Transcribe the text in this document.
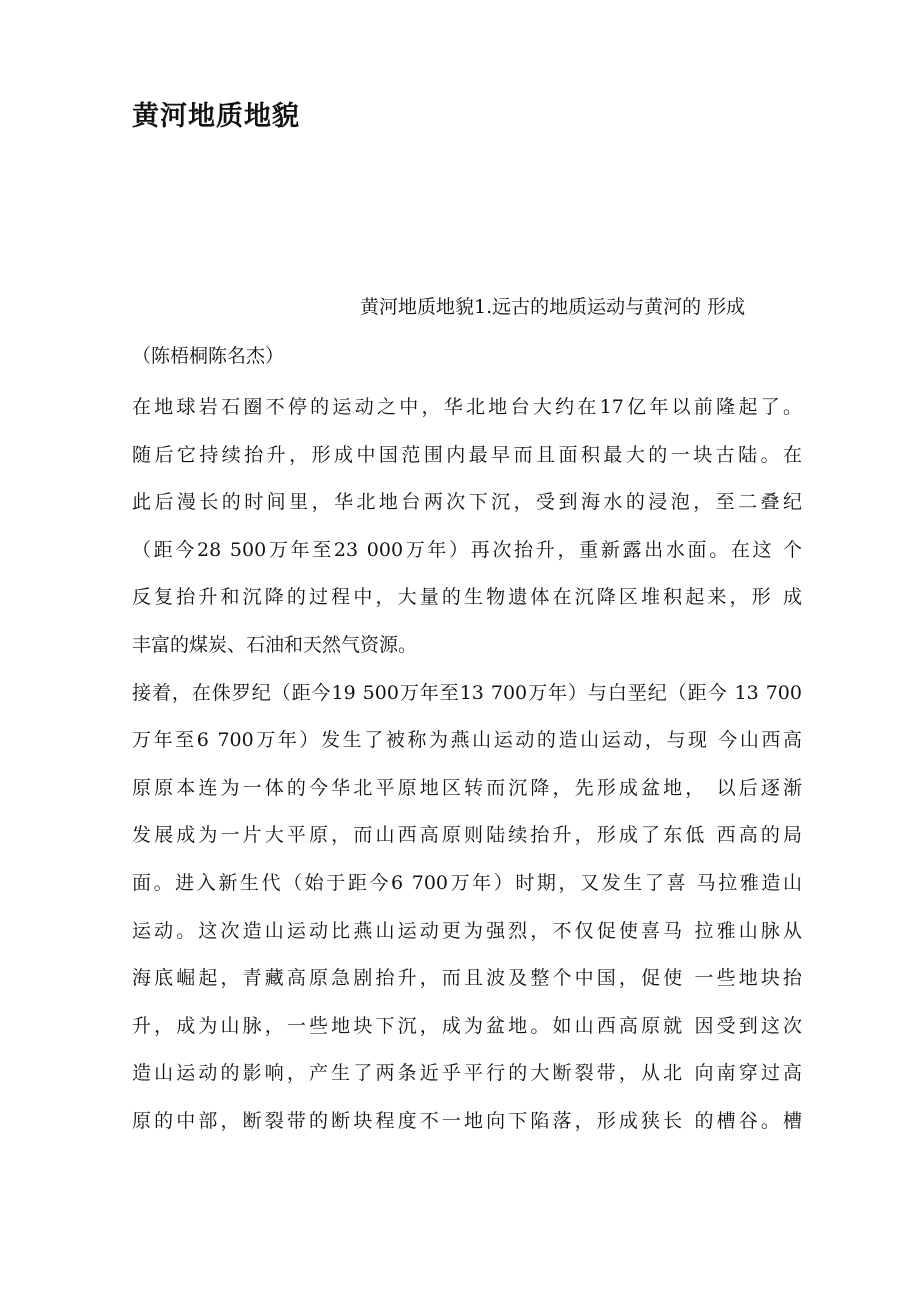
黄河地质地貌
黄河地质地貌1.远古的地质运动与黄河的 形成
（陈梧桐陈名杰）
在地球岩石圈不停的运动之中，华北地台大约在17亿年以前隆起了。
随后它持续抬升，形成中国范围内最早而且面积最大的一块古陆。在
此后漫长的时间里，华北地台两次下沉，受到海水的浸泡，至二叠纪
（距今28 500万年至23 000万年）再次抬升，重新露出水面。在这 个
反复抬升和沉降的过程中，大量的生物遗体在沉降区堆积起来，形 成
丰富的煤炭、石油和天然气资源。
接着，在侏罗纪（距今19 500万年至13 700万年）与白垩纪（距今 13 700
万年至6 700万年）发生了被称为燕山运动的造山运动，与现 今山西高
原原本连为一体的今华北平原地区转而沉降，先形成盆地， 以后逐渐
发展成为一片大平原，而山西高原则陆续抬升，形成了东低 西高的局
面。进入新生代（始于距今6 700万年）时期，又发生了喜 马拉雅造山
运动。这次造山运动比燕山运动更为强烈，不仅促使喜马 拉雅山脉从
海底崛起，青藏高原急剧抬升，而且波及整个中国，促使 一些地块抬
升，成为山脉，一些地块下沉，成为盆地。如山西高原就 因受到这次
造山运动的影响，产生了两条近乎平行的大断裂带，从北 向南穿过高
原的中部，断裂带的断块程度不一地向下陷落，形成狭长 的槽谷。槽
